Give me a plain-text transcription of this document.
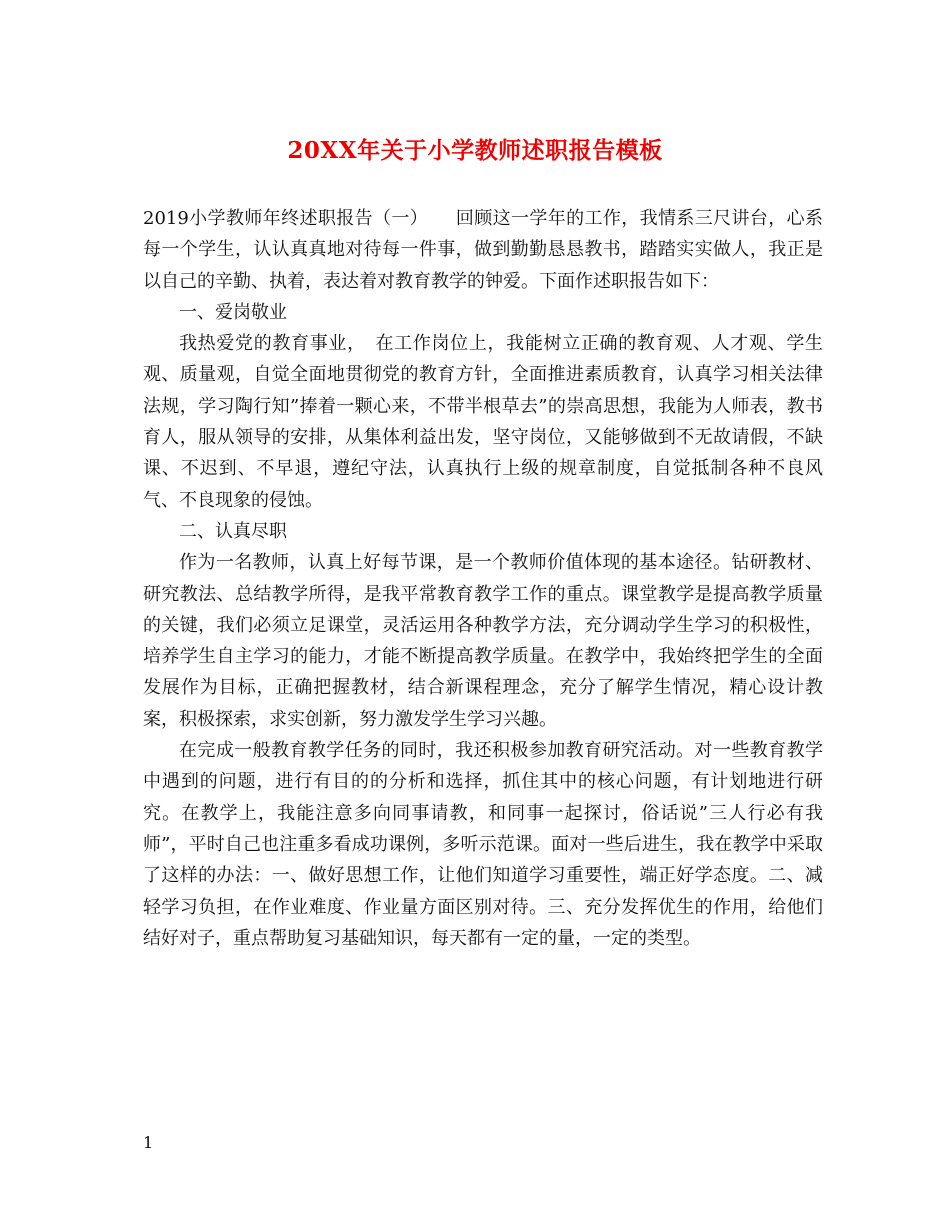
20XX年关于小学教师述职报告模板

2019小学教师年终述职报告（一）　　回顾这一学年的工作，我情系三尺讲台，心系每一个学生，认认真真地对待每一件事，做到勤勤恳恳教书，踏踏实实做人，我正是以自己的辛勤、执着，表达着对教育教学的钟爱。下面作述职报告如下：

一、爱岗敬业

我热爱党的教育事业，　在工作岗位上，我能树立正确的教育观、人才观、学生观、质量观，自觉全面地贯彻党的教育方针，全面推进素质教育，认真学习相关法律法规，学习陶行知”捧着一颗心来，不带半根草去”的崇高思想，我能为人师表，教书育人，服从领导的安排，从集体利益出发，坚守岗位，又能够做到不无故请假，不缺课、不迟到、不早退，遵纪守法，认真执行上级的规章制度，自觉抵制各种不良风气、不良现象的侵蚀。

二、认真尽职

作为一名教师，认真上好每节课，是一个教师价值体现的基本途径。钻研教材、研究教法、总结教学所得，是我平常教育教学工作的重点。课堂教学是提高教学质量的关键，我们必须立足课堂，灵活运用各种教学方法，充分调动学生学习的积极性，培养学生自主学习的能力，才能不断提高教学质量。在教学中，我始终把学生的全面发展作为目标，正确把握教材，结合新课程理念，充分了解学生情况，精心设计教案，积极探索，求实创新，努力激发学生学习兴趣。

在完成一般教育教学任务的同时，我还积极参加教育研究活动。对一些教育教学中遇到的问题，进行有目的的分析和选择，抓住其中的核心问题，有计划地进行研究。在教学上，我能注意多向同事请教，和同事一起探讨，俗话说”三人行必有我师”，平时自己也注重多看成功课例，多听示范课。面对一些后进生，我在教学中采取了这样的办法：一、做好思想工作，让他们知道学习重要性，端正好学态度。二、减轻学习负担，在作业难度、作业量方面区别对待。三、充分发挥优生的作用，给他们结好对子，重点帮助复习基础知识，每天都有一定的量，一定的类型。

1
